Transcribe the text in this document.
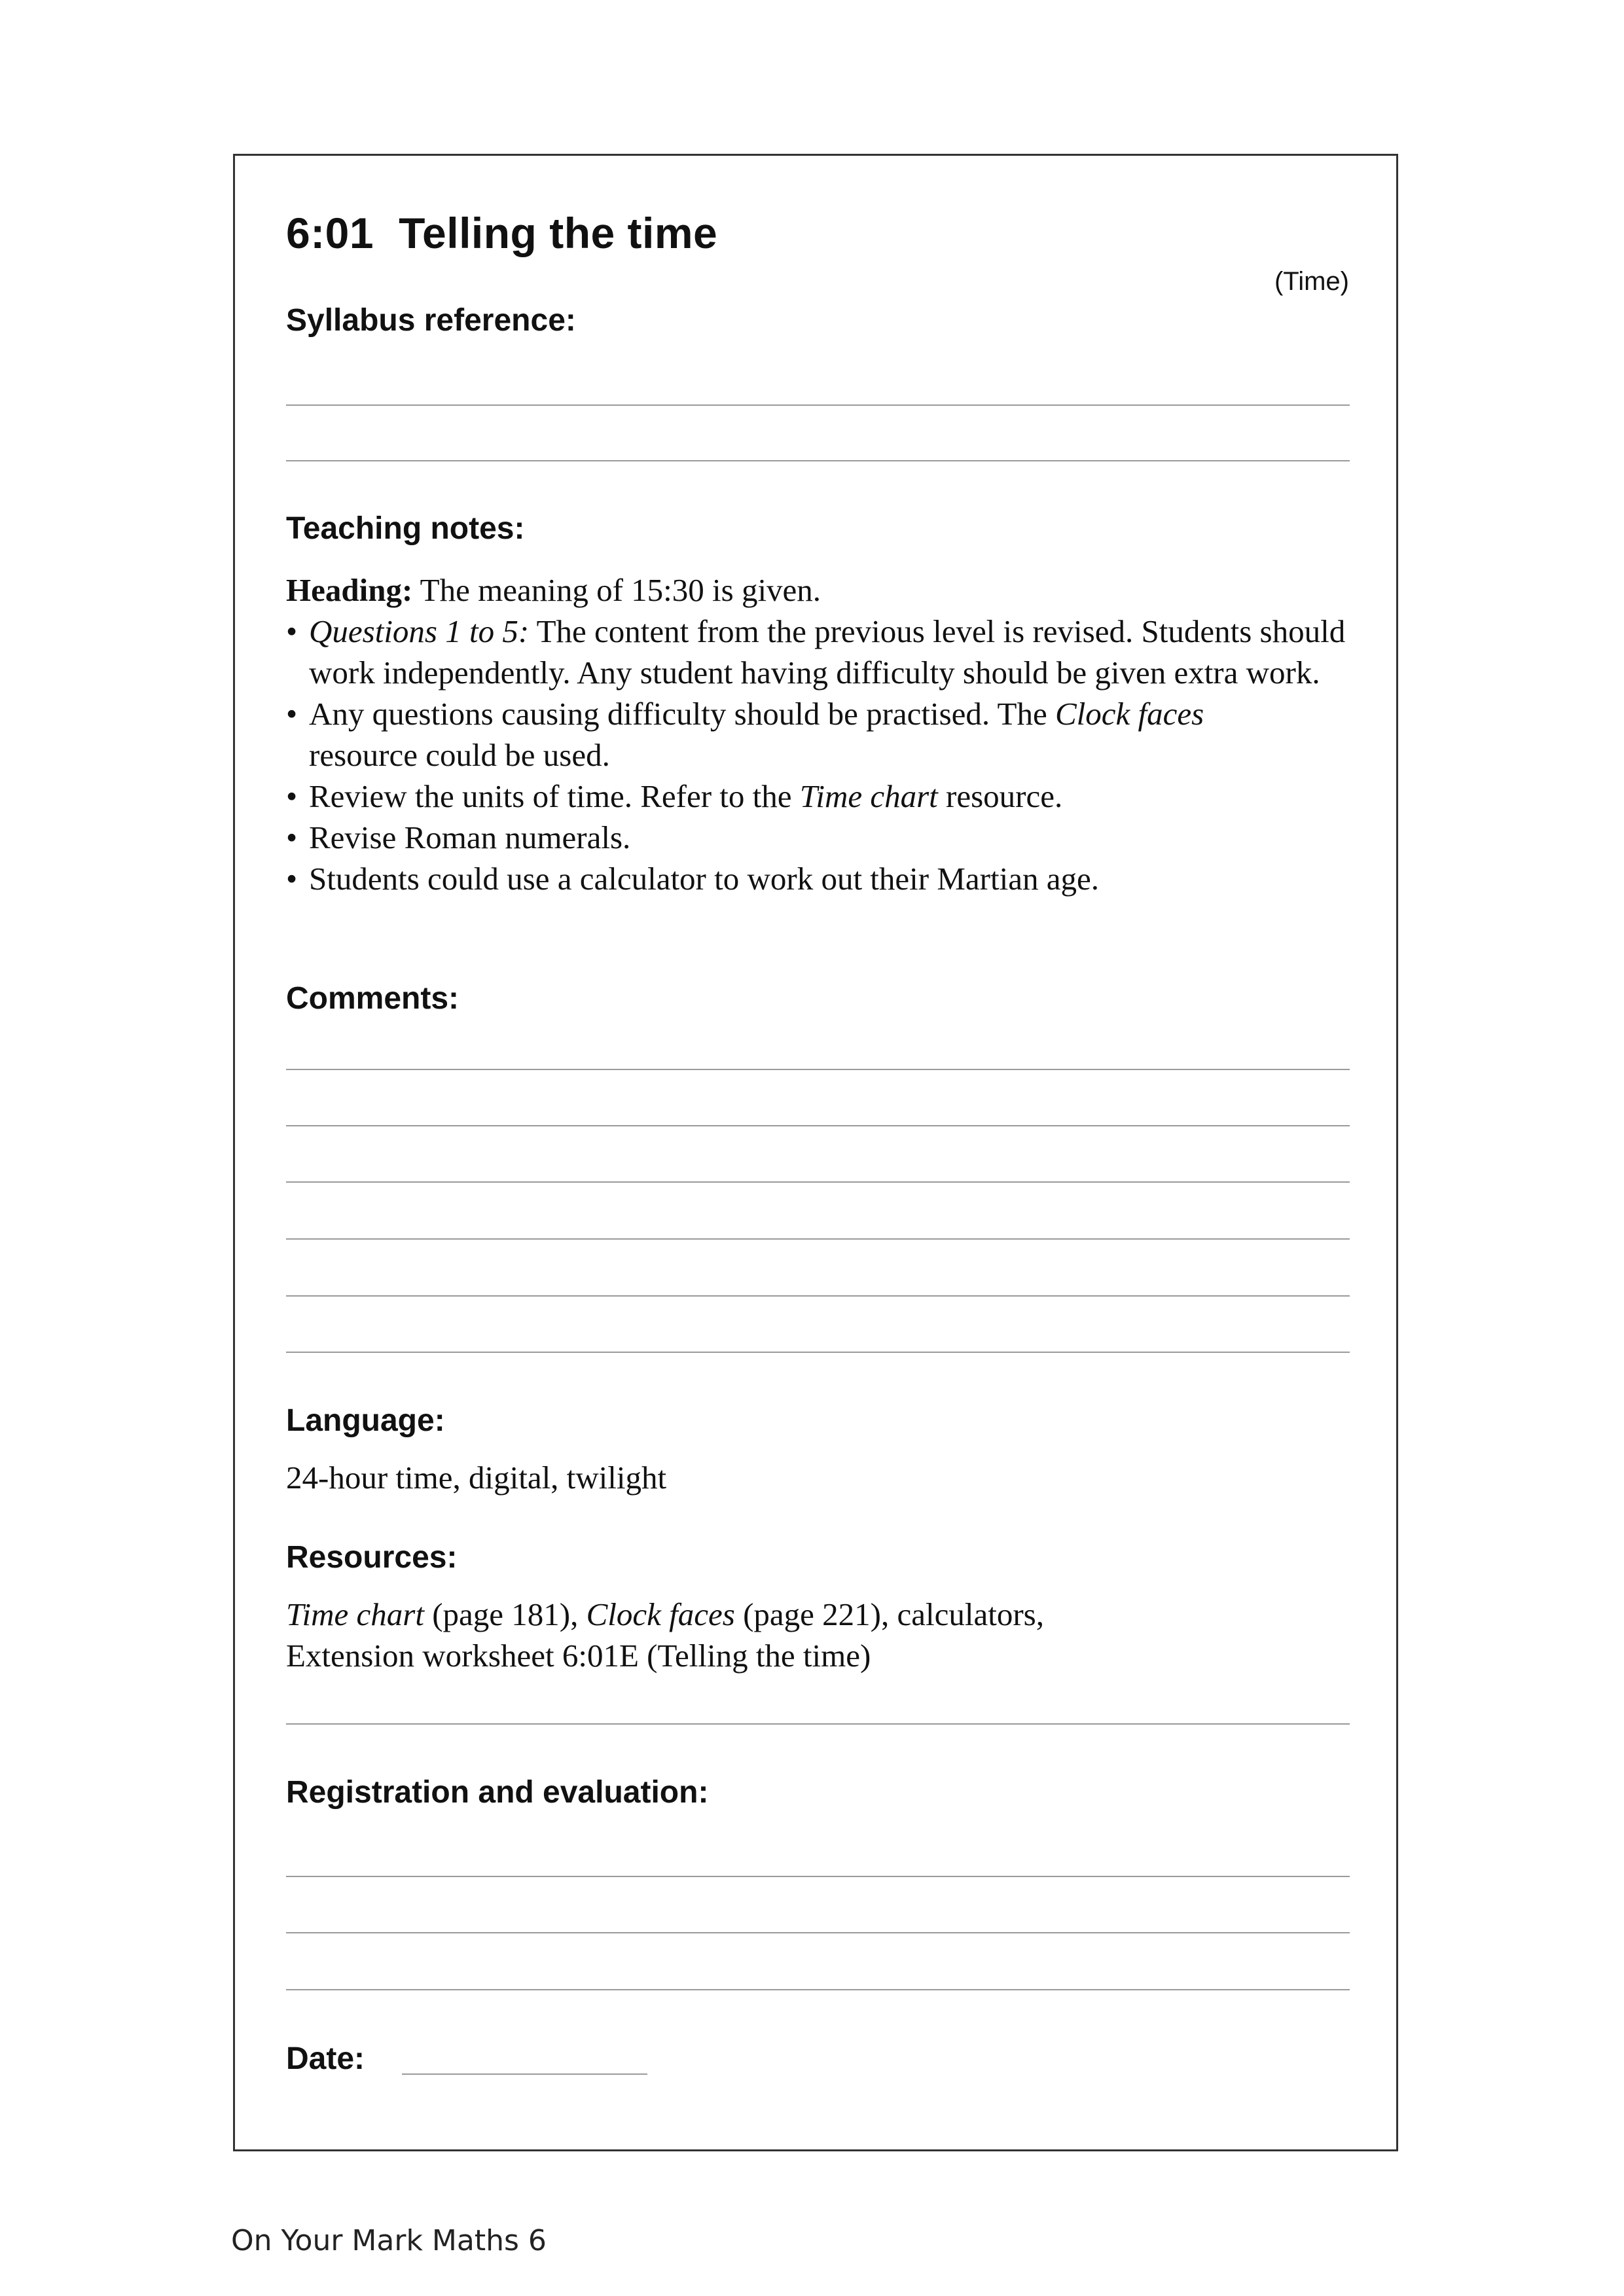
6:01 Telling the time
(Time)
Syllabus reference:
Teaching notes:

Heading: The meaning of 15:30 is given.

• Questions 1 to 5: The content from the previous level is revised. Students should work independently. Any student having difficulty should be given extra work.
• Any questions causing difficulty should be practised. The Clock faces
resource could be used.
• Review the units of time. Refer to the Time chart resource.
• Revise Roman numerals.
• Students could use a calculator to work out their Martian age.
Comments:
Language:
24-hour time, digital, twilight
Resources:
Time chart (page 181), Clock faces (page 221), calculators,
Extension worksheet 6:01E (Telling the time)
Registration and evaluation:
Date:
On Your Mark Maths 6
